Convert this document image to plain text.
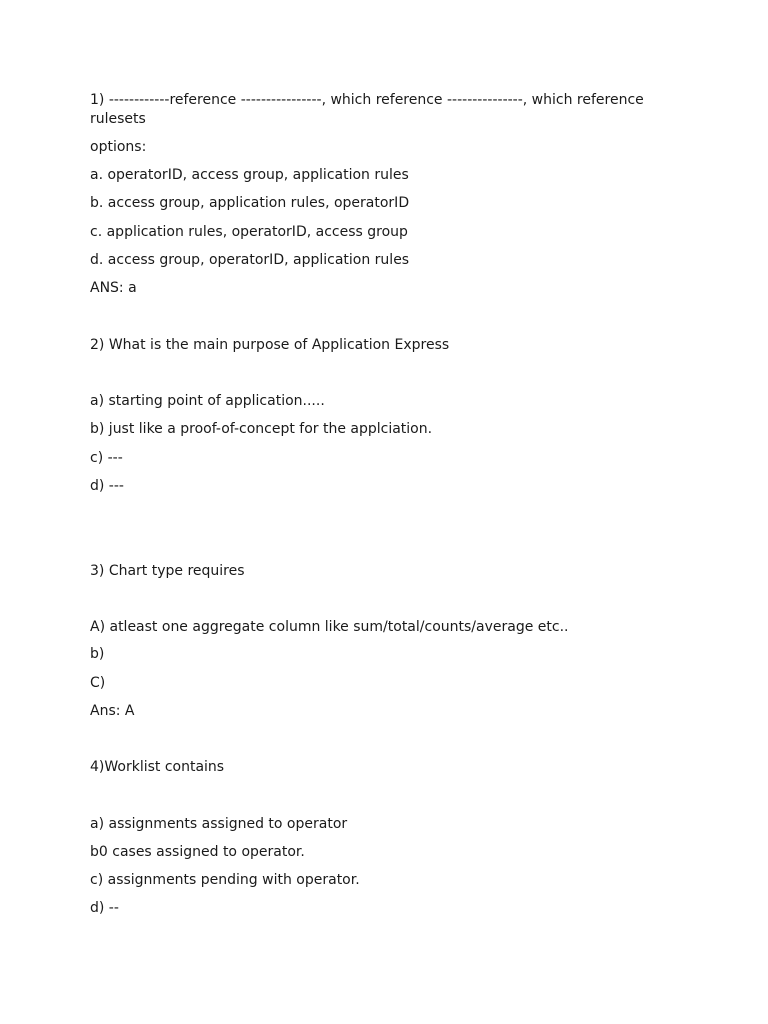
1) ------------reference ----------------, which reference ---------------, which reference rulesets
options:
a. operatorID, access group, application rules
b. access group, application rules, operatorID
c. application rules, operatorID, access group
d. access group, operatorID, application rules
ANS: a
2) What is the main purpose of Application Express
a) starting point of application.....
b) just like a proof-of-concept for the applciation.
c) ---
d) ---
3) Chart type requires
A) atleast one aggregate column like sum/total/counts/average etc..
b)
C)
Ans: A
4)Worklist contains
a) assignments assigned to operator
b0 cases assigned to operator.
c) assignments pending with operator.
d) --
